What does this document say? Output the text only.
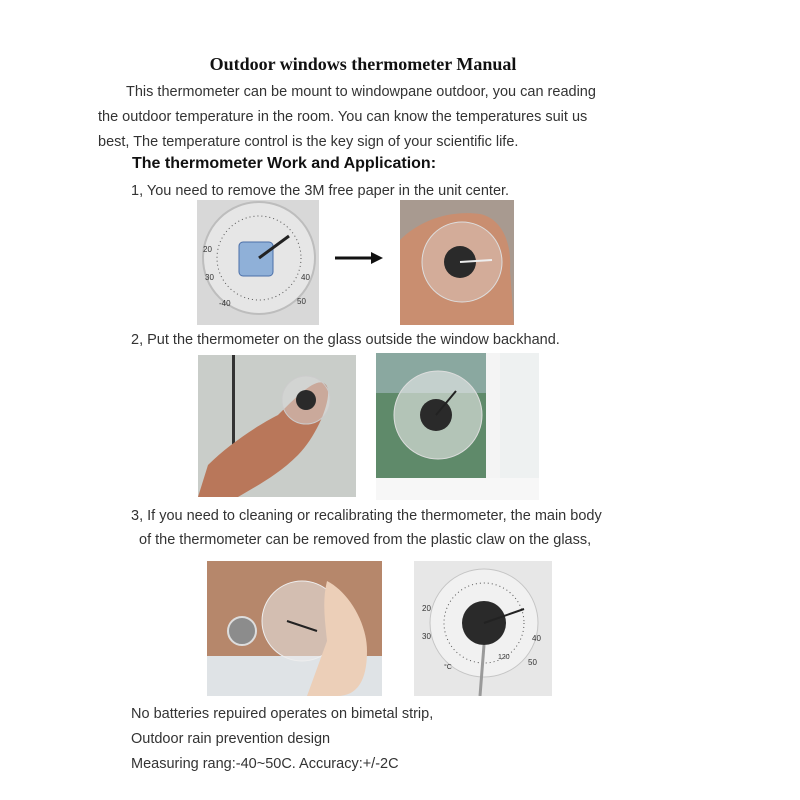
Outdoor windows thermometer Manual
This thermometer can be mount to windowpane outdoor, you can reading
the outdoor temperature in the room. You can know the temperatures suit us
best, The temperature control is the key sign of your scientific life.
The thermometer Work and Application:
1, You need to remove the 3M free paper in the unit center.
20
30	40
-40	50
2, Put the thermometer on the glass outside the window backhand.
3, If you need to cleaning or recalibrating the thermometer, the main body
of the thermometer can be removed from the plastic claw on the glass,
20
30	40
50
120
°C
No batteries repuired operates on bimetal strip,
Outdoor rain prevention design
Measuring rang:-40~50C. Accuracy:+/-2C
